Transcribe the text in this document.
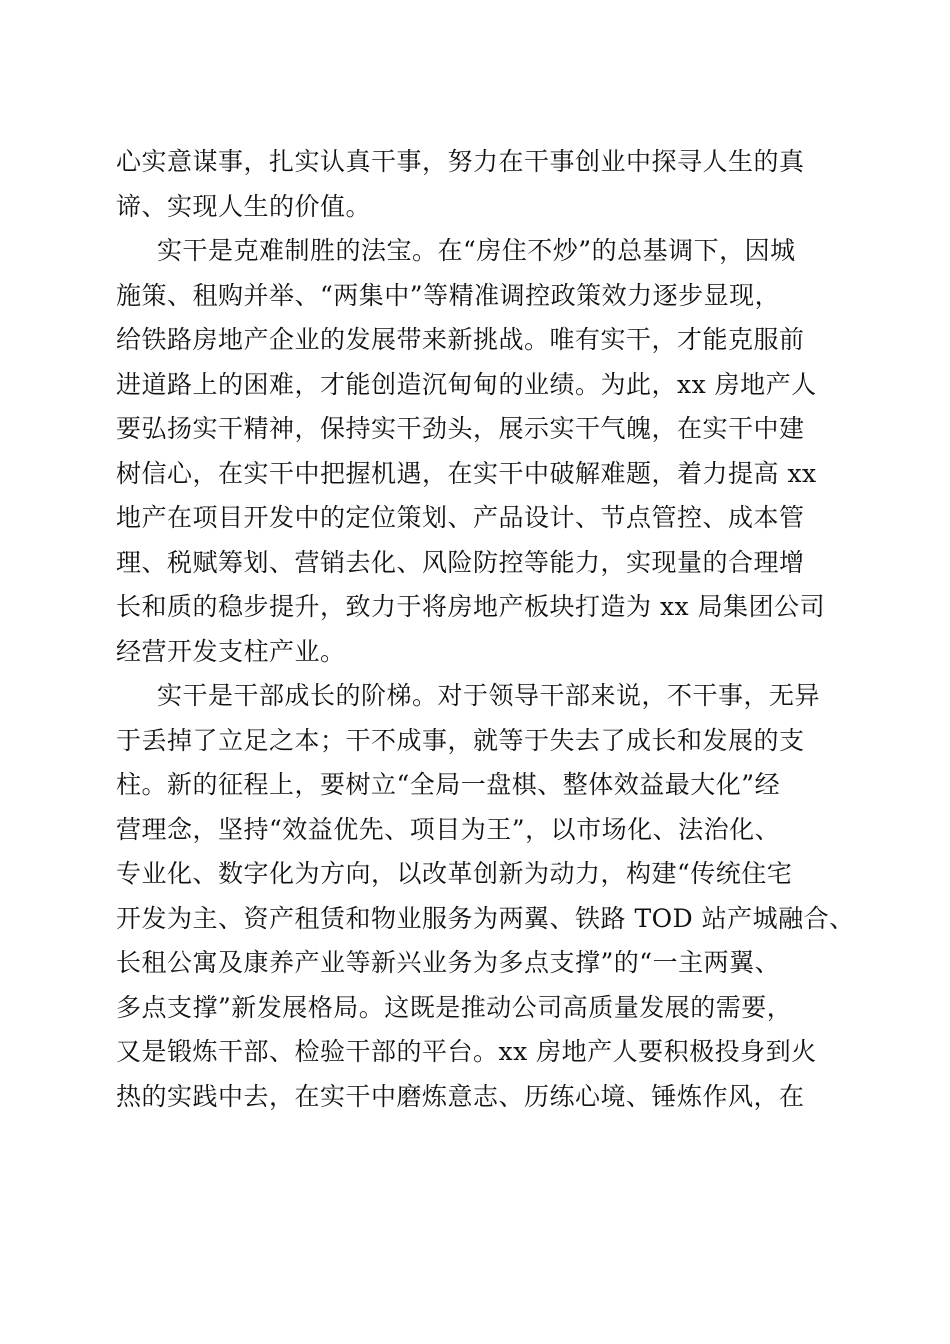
心实意谋事，扎实认真干事，努力在干事创业中探寻人生的真
谛、实现人生的价值。
实干是克难制胜的法宝。在“房住不炒”的总基调下，因城
施策、租购并举、“两集中”等精准调控政策效力逐步显现，
给铁路房地产企业的发展带来新挑战。唯有实干，才能克服前
进道路上的困难，才能创造沉甸甸的业绩。为此，xx 房地产人
要弘扬实干精神，保持实干劲头，展示实干气魄，在实干中建
树信心，在实干中把握机遇，在实干中破解难题，着力提高 xx
地产在项目开发中的定位策划、产品设计、节点管控、成本管
理、税赋筹划、营销去化、风险防控等能力，实现量的合理增
长和质的稳步提升，致力于将房地产板块打造为 xx 局集团公司
经营开发支柱产业。
实干是干部成长的阶梯。对于领导干部来说，不干事，无异
于丢掉了立足之本；干不成事，就等于失去了成长和发展的支
柱。新的征程上，要树立“全局一盘棋、整体效益最大化”经
营理念，坚持“效益优先、项目为王”，以市场化、法治化、
专业化、数字化为方向，以改革创新为动力，构建“传统住宅
开发为主、资产租赁和物业服务为两翼、铁路 TOD 站产城融合、
长租公寓及康养产业等新兴业务为多点支撑”的“一主两翼、
多点支撑”新发展格局。这既是推动公司高质量发展的需要，
又是锻炼干部、检验干部的平台。xx 房地产人要积极投身到火
热的实践中去，在实干中磨炼意志、历练心境、锤炼作风，在
